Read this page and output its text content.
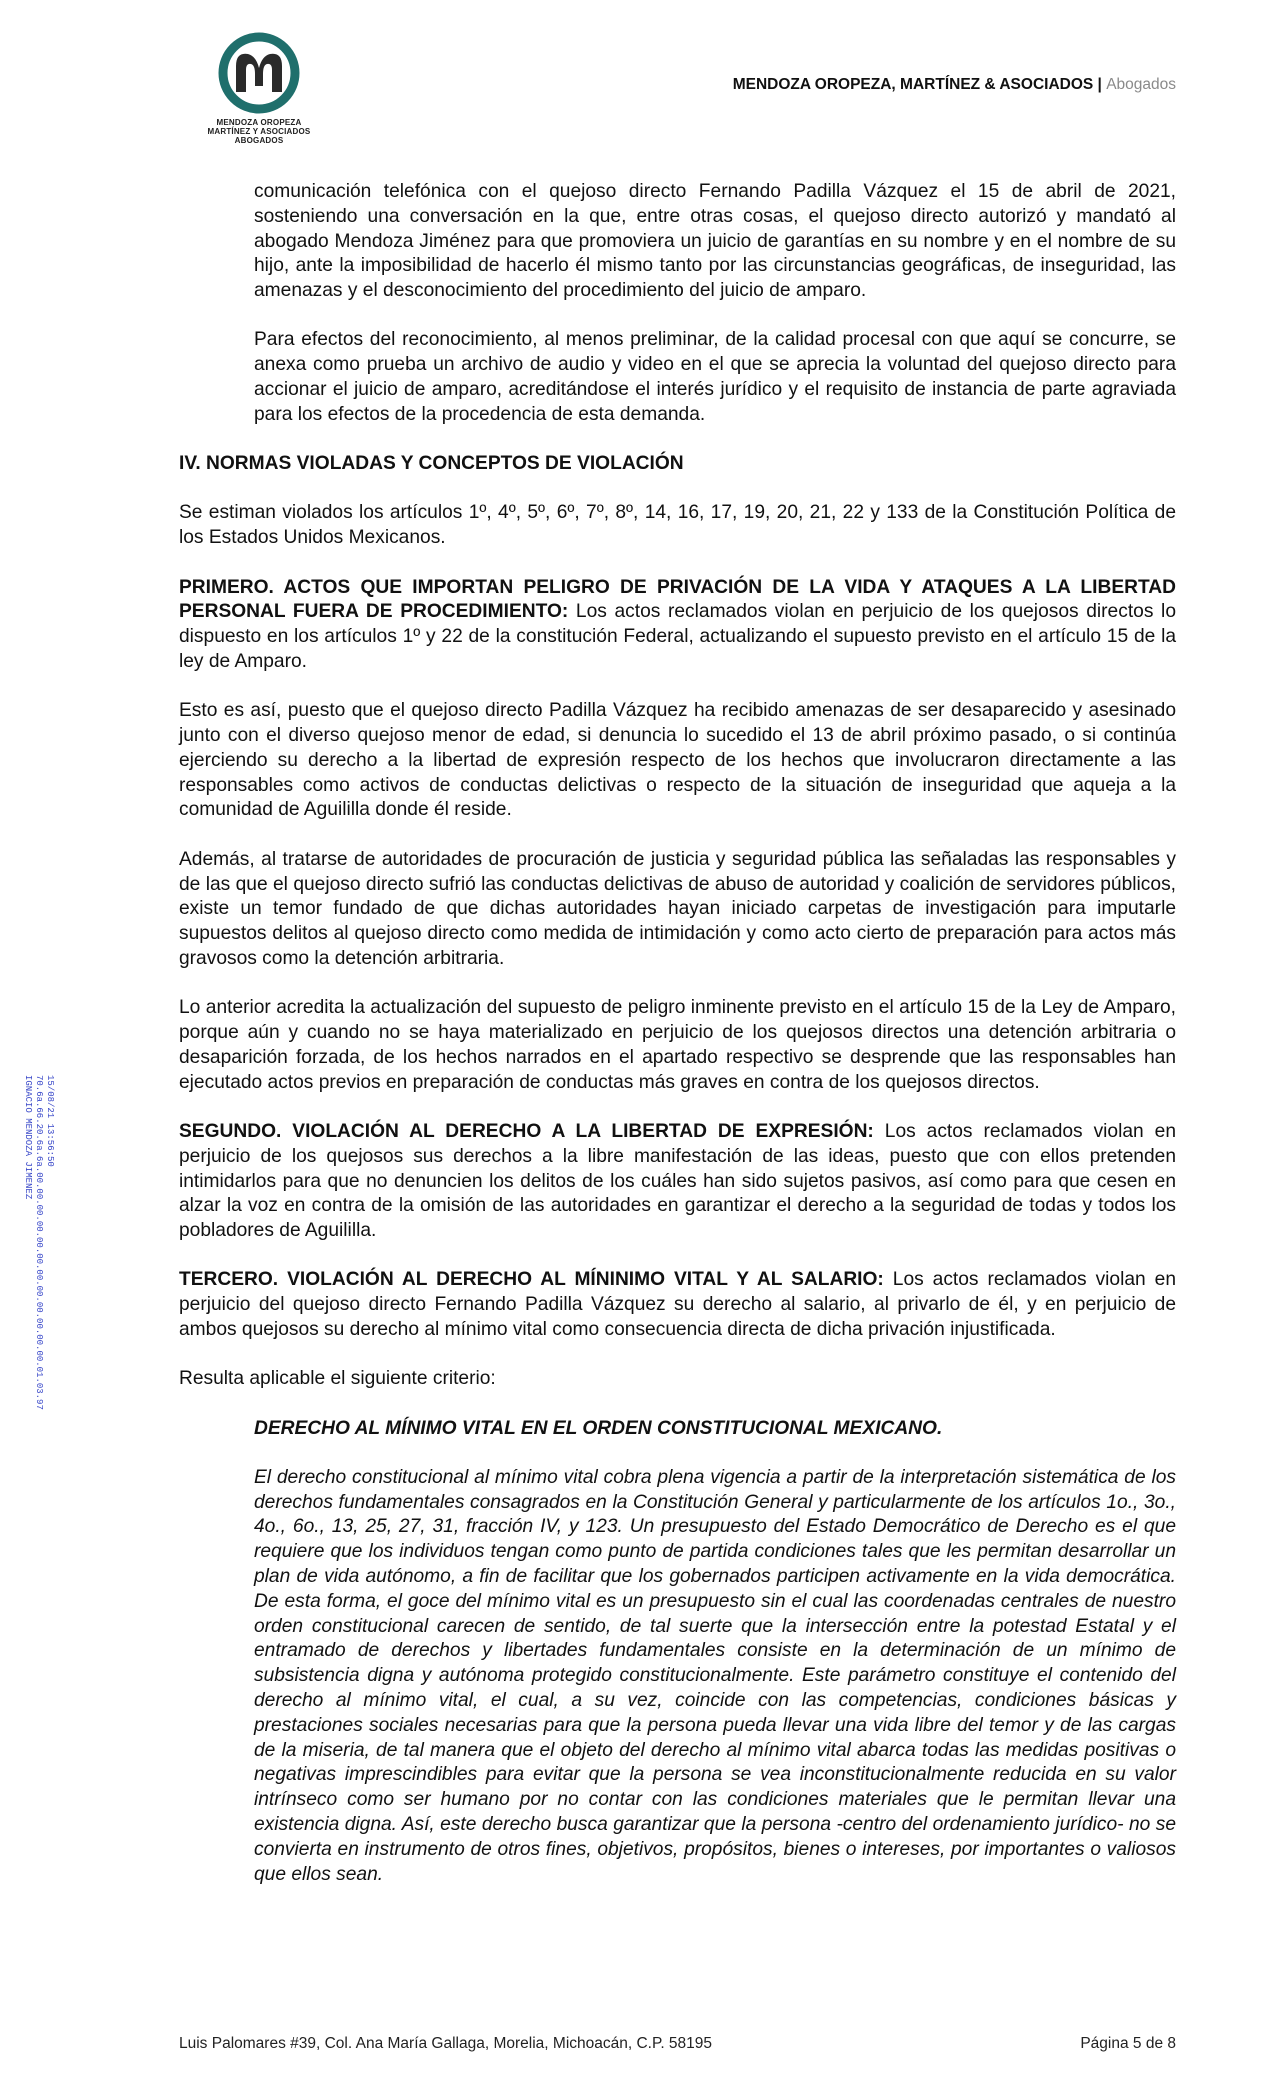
MENDOZA OROPEZA
MARTÍNEZ Y ASOCIADOS
ABOGADOS
MENDOZA OROPEZA, MARTÍNEZ & ASOCIADOS | Abogados
IGNACIO MENDOZA JIMENEZ 70.6a.66.20.6a.6a.00.00.00.00.00.00.00.00.00.00.00.00.01.03.97 15/08/21 13:56:50

comunicación telefónica con el quejoso directo Fernando Padilla Vázquez el 15 de abril de 2021, sosteniendo una conversación en la que, entre otras cosas, el quejoso directo autorizó y mandató al abogado Mendoza Jiménez para que promoviera un juicio de garantías en su nombre y en el nombre de su hijo, ante la imposibilidad de hacerlo él mismo tanto por las circunstancias geográficas, de inseguridad, las amenazas y el desconocimiento del procedimiento del juicio de amparo.

Para efectos del reconocimiento, al menos preliminar, de la calidad procesal con que aquí se concurre, se anexa como prueba un archivo de audio y video en el que se aprecia la voluntad del quejoso directo para accionar el juicio de amparo, acreditándose el interés jurídico y el requisito de instancia de parte agraviada para los efectos de la procedencia de esta demanda.

IV. NORMAS VIOLADAS Y CONCEPTOS DE VIOLACIÓN

Se estiman violados los artículos 1º, 4º, 5º, 6º, 7º, 8º, 14, 16, 17, 19, 20, 21, 22 y 133 de la Constitución Política de los Estados Unidos Mexicanos.

PRIMERO. ACTOS QUE IMPORTAN PELIGRO DE PRIVACIÓN DE LA VIDA Y ATAQUES A LA LIBERTAD PERSONAL FUERA DE PROCEDIMIENTO: Los actos reclamados violan en perjuicio de los quejosos directos lo dispuesto en los artículos 1º y 22 de la constitución Federal, actualizando el supuesto previsto en el artículo 15 de la ley de Amparo.

Esto es así, puesto que el quejoso directo Padilla Vázquez ha recibido amenazas de ser desaparecido y asesinado junto con el diverso quejoso menor de edad, si denuncia lo sucedido el 13 de abril próximo pasado, o si continúa ejerciendo su derecho a la libertad de expresión respecto de los hechos que involucraron directamente a las responsables como activos de conductas delictivas o respecto de la situación de inseguridad que aqueja a la comunidad de Aguililla donde él reside.

Además, al tratarse de autoridades de procuración de justicia y seguridad pública las señaladas las responsables y de las que el quejoso directo sufrió las conductas delictivas de abuso de autoridad y coalición de servidores públicos, existe un temor fundado de que dichas autoridades hayan iniciado carpetas de investigación para imputarle supuestos delitos al quejoso directo como medida de intimidación y como acto cierto de preparación para actos más gravosos como la detención arbitraria.

Lo anterior acredita la actualización del supuesto de peligro inminente previsto en el artículo 15 de la Ley de Amparo, porque aún y cuando no se haya materializado en perjuicio de los quejosos directos una detención arbitraria o desaparición forzada, de los hechos narrados en el apartado respectivo se desprende que las responsables han ejecutado actos previos en preparación de conductas más graves en contra de los quejosos directos.

SEGUNDO. VIOLACIÓN AL DERECHO A LA LIBERTAD DE EXPRESIÓN: Los actos reclamados violan en perjuicio de los quejosos sus derechos a la libre manifestación de las ideas, puesto que con ellos pretenden intimidarlos para que no denuncien los delitos de los cuáles han sido sujetos pasivos, así como para que cesen en alzar la voz en contra de la omisión de las autoridades en garantizar el derecho a la seguridad de todas y todos los pobladores de Aguililla.

TERCERO. VIOLACIÓN AL DERECHO AL MÍNINIMO VITAL Y AL SALARIO: Los actos reclamados violan en perjuicio del quejoso directo Fernando Padilla Vázquez su derecho al salario, al privarlo de él, y en perjuicio de ambos quejosos su derecho al mínimo vital como consecuencia directa de dicha privación injustificada.

Resulta aplicable el siguiente criterio:

DERECHO AL MÍNIMO VITAL EN EL ORDEN CONSTITUCIONAL MEXICANO.

El derecho constitucional al mínimo vital cobra plena vigencia a partir de la interpretación sistemática de los derechos fundamentales consagrados en la Constitución General y particularmente de los artículos 1o., 3o., 4o., 6o., 13, 25, 27, 31, fracción IV, y 123. Un presupuesto del Estado Democrático de Derecho es el que requiere que los individuos tengan como punto de partida condiciones tales que les permitan desarrollar un plan de vida autónomo, a fin de facilitar que los gobernados participen activamente en la vida democrática. De esta forma, el goce del mínimo vital es un presupuesto sin el cual las coordenadas centrales de nuestro orden constitucional carecen de sentido, de tal suerte que la intersección entre la potestad Estatal y el entramado de derechos y libertades fundamentales consiste en la determinación de un mínimo de subsistencia digna y autónoma protegido constitucionalmente. Este parámetro constituye el contenido del derecho al mínimo vital, el cual, a su vez, coincide con las competencias, condiciones básicas y prestaciones sociales necesarias para que la persona pueda llevar una vida libre del temor y de las cargas de la miseria, de tal manera que el objeto del derecho al mínimo vital abarca todas las medidas positivas o negativas imprescindibles para evitar que la persona se vea inconstitucionalmente reducida en su valor intrínseco como ser humano por no contar con las condiciones materiales que le permitan llevar una existencia digna. Así, este derecho busca garantizar que la persona -centro del ordenamiento jurídico- no se convierta en instrumento de otros fines, objetivos, propósitos, bienes o intereses, por importantes o valiosos que ellos sean.

Luis Palomares #39, Col. Ana María Gallaga, Morelia, Michoacán, C.P. 58195	Página 5 de 8
